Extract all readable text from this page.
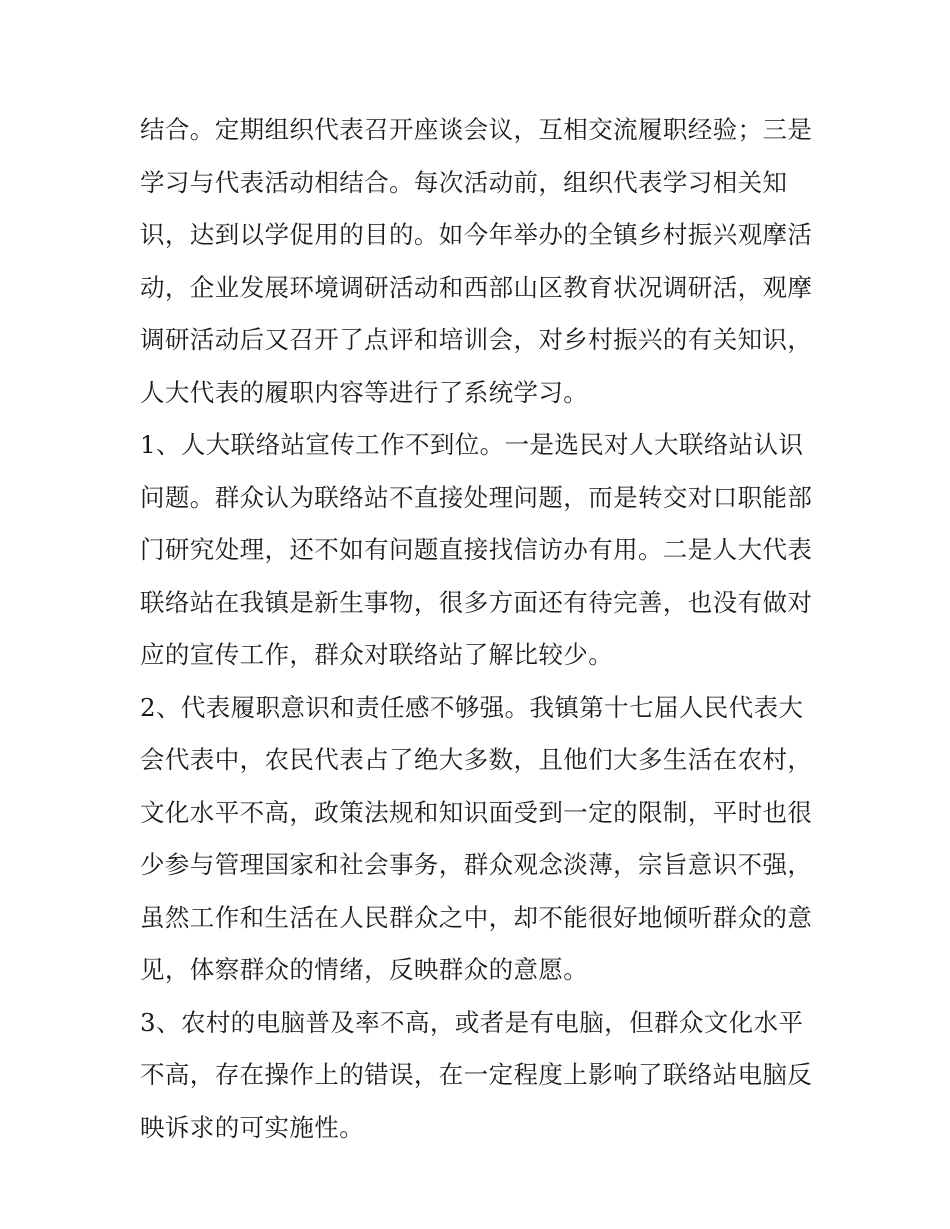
结合。定期组织代表召开座谈会议，互相交流履职经验；三是
学习与代表活动相结合。每次活动前，组织代表学习相关知
识，达到以学促用的目的。如今年举办的全镇乡村振兴观摩活
动，企业发展环境调研活动和西部山区教育状况调研活，观摩
调研活动后又召开了点评和培训会，对乡村振兴的有关知识，
人大代表的履职内容等进行了系统学习。
1、人大联络站宣传工作不到位。一是选民对人大联络站认识
问题。群众认为联络站不直接处理问题，而是转交对口职能部
门研究处理，还不如有问题直接找信访办有用。二是人大代表
联络站在我镇是新生事物，很多方面还有待完善，也没有做对
应的宣传工作，群众对联络站了解比较少。
2、代表履职意识和责任感不够强。我镇第十七届人民代表大
会代表中，农民代表占了绝大多数，且他们大多生活在农村，
文化水平不高，政策法规和知识面受到一定的限制，平时也很
少参与管理国家和社会事务，群众观念淡薄，宗旨意识不强，
虽然工作和生活在人民群众之中，却不能很好地倾听群众的意
见，体察群众的情绪，反映群众的意愿。
3、农村的电脑普及率不高，或者是有电脑，但群众文化水平
不高，存在操作上的错误，在一定程度上影响了联络站电脑反
映诉求的可实施性。
